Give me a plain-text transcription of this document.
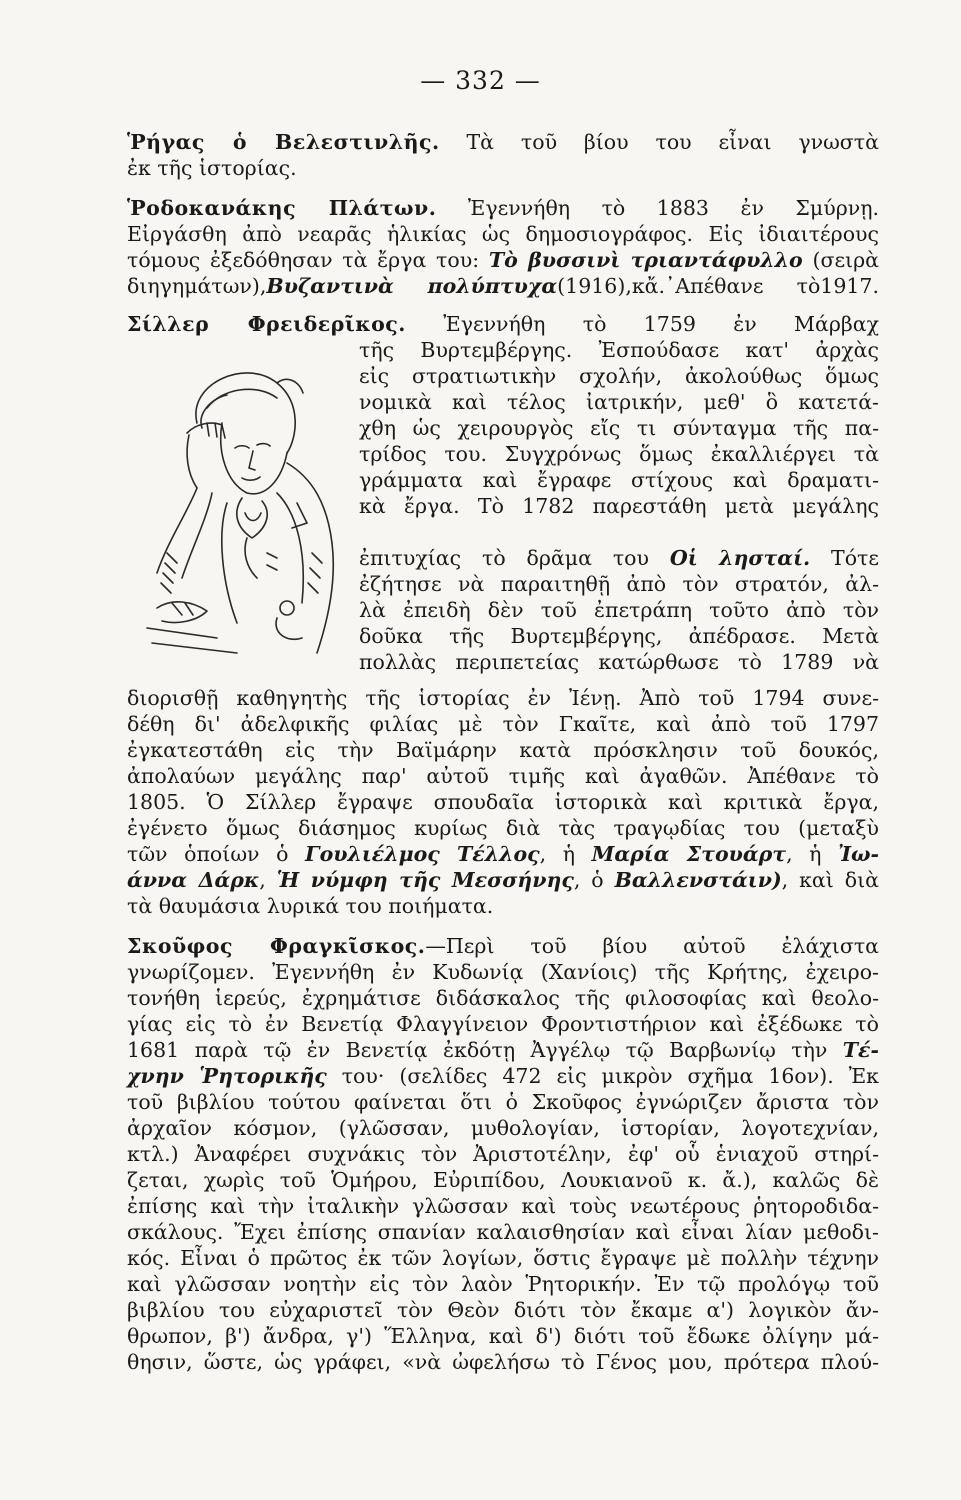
— 332 —
Ῥήγας ὁ Βελεστινλῆς. Τὰ τοῦ βίου του εἶναι γνωστὰ
ἐκ τῆς ἱστορίας.
Ῥοδοκανάκης Πλάτων. Ἐγεννήθη τὸ 1883 ἐν Σμύρνῃ.
Εἰργάσθη ἀπὸ νεαρᾶς ἡλικίας ὡς δημοσιογράφος. Εἰς ἰδιαιτέρους
τόμους ἐξεδόθησαν τὰ ἔργα του: Τὸ βυσσινὶ τριαντάφυλλο (σειρὰ
διηγημάτων),Βυζαντινὰ πολύπτυχα(1916),κἄ.᾿Απέθανε τὸ1917.
Σίλλερ Φρειδερῖκος. Ἐγεννήθη τὸ 1759 ἐν Μάρβαχ
τῆς Βυρτεμβέργης. Ἐσπούδασε κατ' ἀρχὰς
εἰς στρατιωτικὴν σχολήν, ἀκολούθως ὅμως
νομικὰ καὶ τέλος ἰατρικήν, μεθ' ὃ κατετά-
χθη ὡς χειρουργὸς εἴς τι σύνταγμα τῆς πα-
τρίδος του. Συγχρόνως ὅμως ἐκαλλιέργει τὰ
γράμματα καὶ ἔγραφε στίχους καὶ δραματι-
κὰ ἔργα. Τὸ 1782 παρεστάθη μετὰ μεγάλης
ἐπιτυχίας τὸ δρᾶμα του Οἱ λησταί. Τότε
ἐζήτησε νὰ παραιτηθῇ ἀπὸ τὸν στρατόν, ἀλ-
λὰ ἐπειδὴ δὲν τοῦ ἐπετράπη τοῦτο ἀπὸ τὸν
δοῦκα τῆς Βυρτεμβέργης, ἀπέδρασε. Μετὰ
πολλὰς περιπετείας κατώρθωσε τὸ 1789 νὰ
διορισθῇ καθηγητὴς τῆς ἱστορίας ἐν Ἰένῃ. Ἀπὸ τοῦ 1794 συνε-
δέθη δι' ἀδελφικῆς φιλίας μὲ τὸν Γκαῖτε, καὶ ἀπὸ τοῦ 1797
ἐγκατεστάθη εἰς τὴν Βαϊμάρην κατὰ πρόσκλησιν τοῦ δουκός,
ἀπολαύων μεγάλης παρ' αὐτοῦ τιμῆς καὶ ἀγαθῶν. Ἀπέθανε τὸ
1805. Ὁ Σίλλερ ἔγραψε σπουδαῖα ἱστορικὰ καὶ κριτικὰ ἔργα,
ἐγένετο ὅμως διάσημος κυρίως διὰ τὰς τραγῳδίας του (μεταξὺ
τῶν ὁποίων ὁ Γουλιέλμος Τέλλος, ἡ Μαρία Στουάρτ, ἡ Ἰω-
άννα Δάρκ, Ἡ νύμφη τῆς Μεσσήνης, ὁ Βαλλενστάιν), καὶ διὰ
τὰ θαυμάσια λυρικά του ποιήματα.
Σκοῦφος Φραγκῖσκος.—Περὶ τοῦ βίου αὐτοῦ ἐλάχιστα
γνωρίζομεν. Ἐγεννήθη ἐν Κυδωνίᾳ (Χανίοις) τῆς Κρήτης, ἐχειρο-
τονήθη ἱερεύς, ἐχρημάτισε διδάσκαλος τῆς φιλοσοφίας καὶ θεολο-
γίας εἰς τὸ ἐν Βενετίᾳ Φλαγγίνειον Φροντιστήριον καὶ ἐξέδωκε τὸ
1681 παρὰ τῷ ἐν Βενετίᾳ ἐκδότῃ Ἀγγέλῳ τῷ Βαρβωνίῳ τὴν Τέ-
χνην Ῥητορικῆς του· (σελίδες 472 εἰς μικρὸν σχῆμα 16ον). Ἐκ
τοῦ βιβλίου τούτου φαίνεται ὅτι ὁ Σκοῦφος ἐγνώριζεν ἄριστα τὸν
ἀρχαῖον κόσμον, (γλῶσσαν, μυθολογίαν, ἱστορίαν, λογοτεχνίαν,
κτλ.) Ἀναφέρει συχνάκις τὸν Ἀριστοτέλην, ἐφ' οὗ ἑνιαχοῦ στηρί-
ζεται, χωρὶς τοῦ Ὁμήρου, Εὐριπίδου, Λουκιανοῦ κ. ἄ.), καλῶς δὲ
ἐπίσης καὶ τὴν ἰταλικὴν γλῶσσαν καὶ τοὺς νεωτέρους ῥητοροδιδα-
σκάλους. Ἔχει ἐπίσης σπανίαν καλαισθησίαν καὶ εἶναι λίαν μεθοδι-
κός. Εἶναι ὁ πρῶτος ἐκ τῶν λογίων, ὅστις ἔγραψε μὲ πολλὴν τέχνην
καὶ γλῶσσαν νοητὴν εἰς τὸν λαὸν Ῥητορικήν. Ἐν τῷ προλόγῳ τοῦ
βιβλίου του εὐχαριστεῖ τὸν Θεὸν διότι τὸν ἔκαμε α') λογικὸν ἄν-
θρωπον, β') ἄνδρα, γ') Ἕλληνα, καὶ δ') διότι τοῦ ἔδωκε ὀλίγην μά-
θησιν, ὥστε, ὡς γράφει, «νὰ ὠφελήσω τὸ Γένος μου, πρότερα πλού-
